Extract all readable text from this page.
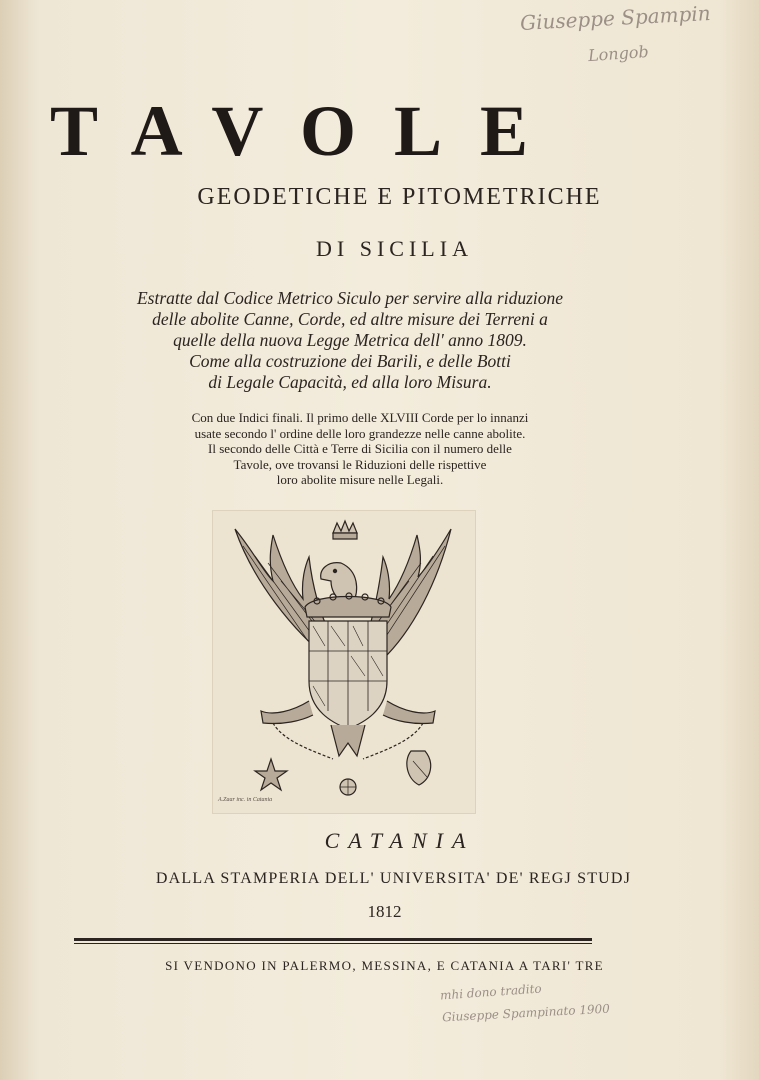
Giuseppe Spampin
Longob
TAVOLE
GEODETICHE E PITOMETRICHE
DI SICILIA
Estratte dal Codice Metrico Siculo per servire alla riduzione
delle abolite Canne, Corde, ed altre misure dei Terreni a
quelle della nuova Legge Metrica dell' anno 1809.
Come alla costruzione dei Barili, e delle Botti
di Legale Capacità, ed alla loro Misura.
Con due Indici finali. Il primo delle XLVIII Corde per lo innanzi
usate secondo l' ordine delle loro grandezze nelle canne abolite.
Il secondo delle Città e Terre di Sicilia con il numero delle
Tavole, ove trovansi le Riduzioni delle rispettive
loro abolite misure nelle Legali.
A.Zaar inc. in Catania
CATANIA
DALLA STAMPERIA DELL' UNIVERSITA' DE' REGJ STUDJ
1812
SI VENDONO IN PALERMO, MESSINA, E CATANIA A TARI' TRE
mhi dono tradito
Giuseppe Spampinato 1900
